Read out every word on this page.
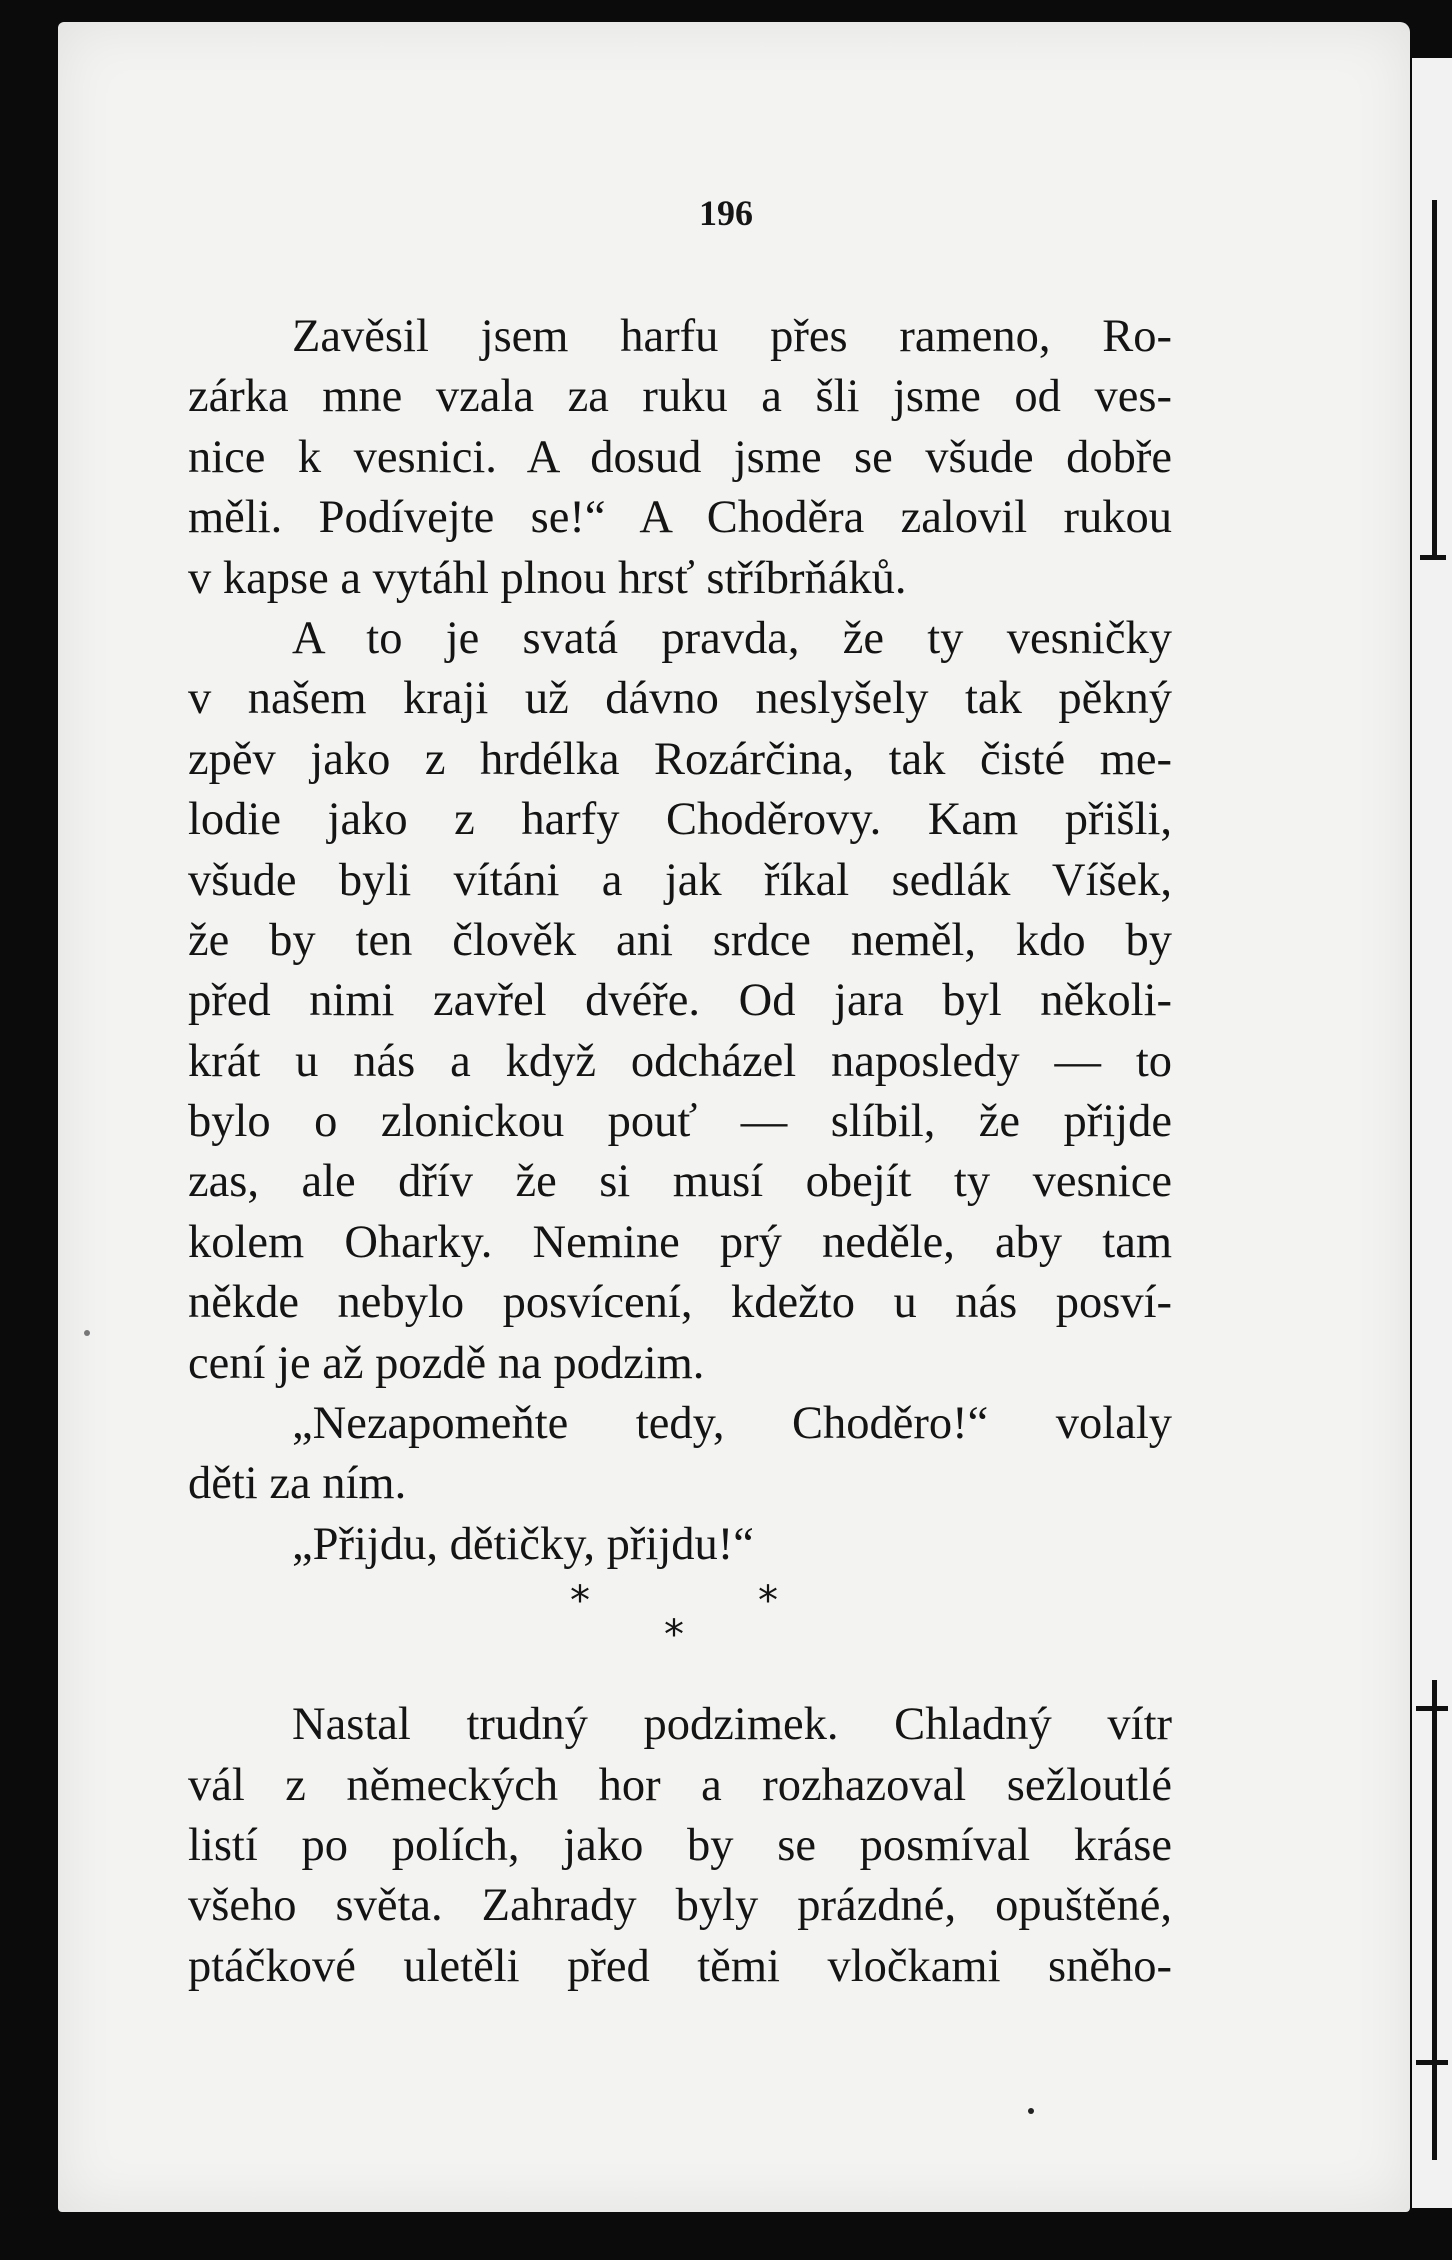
196

Zavěsil jsem harfu přes rameno, Ro-
zárka mne vzala za ruku a šli jsme od ves-
nice k vesnici. A dosud jsme se všude dobře
měli. Podívejte se!“ A Choděra zalovil rukou
v kapse a vytáhl plnou hrsť stříbrňáků.
A to je svatá pravda, že ty vesničky
v našem kraji už dávno neslyšely tak pěkný
zpěv jako z hrdélka Rozárčina, tak čisté me-
lodie jako z harfy Choděrovy. Kam přišli,
všude byli vítáni a jak říkal sedlák Víšek,
že by ten člověk ani srdce neměl, kdo by
před nimi zavřel dvéře. Od jara byl několi-
krát u nás a když odcházel naposledy — to
bylo o zlonickou pouť — slíbil, že přijde
zas, ale dřív že si musí obejít ty vesnice
kolem Oharky. Nemine prý neděle, aby tam
někde nebylo posvícení, kdežto u nás posví-
cení je až pozdě na podzim.
„Nezapomeňte tedy, Choděro!“ volaly
děti za ním.
„Přijdu, dětičky, přijdu!“
*
*
*
Nastal trudný podzimek. Chladný vítr
vál z německých hor a rozhazoval sežloutlé
listí po polích, jako by se posmíval kráse
všeho světa. Zahrady byly prázdné, opuštěné,
ptáčkové uletěli před těmi vločkami sněho-
